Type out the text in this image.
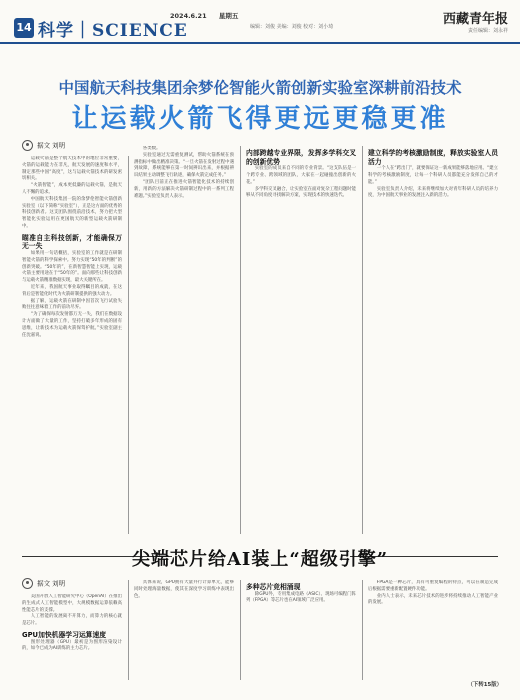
14 科学｜SCIENCE
2024.6.21 星期五
编辑：刘俊 美编：刘俊 校对：刘小琦	西藏青年报
责任编辑：刘永祥
中国航天科技集团余梦伦智能火箭创新实验室深耕前沿技术
让运载火箭飞得更远更稳更准
据文 刘明

运载火箭是整个航天技术中的地位非常重要，火箭的运载能力在非凡，航天发展的速度和水平，制定那些中国“高度”，这与运载火箭技术的研发密切相关。

“火箭智能”，成本更低廉的运载火箭，是航天人不懈的追求。

中国航天科技集团一院的余梦伦智能火箭创新实验室（以下简称“实验室”），正是这方面的优秀的科技创新者。这支团队围绕前沿技术，努力把大型智能化实验运用在更国航天的新型运载火箭研制中。

瞄准自主科技创新，才能确保万无一失

如果用一句话概括，实验室的工作就是在研制智能火箭的科学探索中。努力实现“50年的判断”的创新突破。“50年的”，在新智慧智能上实现，运载火箭主要用途在于“50年的”。面向那些让科技创新与运载火箭精准数据实现，最大关键所在。

近年来，我国航天事业取得瞩目的成就，在这背后是智能化时代为火箭研制提供的强大动力。

据了解，运载火箭在研制中因首次飞行试验失败往往意味着工作的前功尽弃。

“为了确保每次发射都万无一失，我们在数据设计方面做了大量的工作，坚持打破多年形成的固有思维，让新技术为运载火箭保驾护航。”实验室副主任沈嘉说。

各类数。

实验室通过无需重复测试，帮助火箭系统在预测指标中做出精准决策。“一旦火箭在发射过程中遇到故障，系统能够在第一时间辨识出来，并根据辨识结果主动调整飞行轨迹，确保火箭完成任务。”

“团队目前正在推进火箭智能化技术的持续创新，用新的方法解决火箭研制过程中的一系列工程难题。”实验室负责人表示。

内部跨越专业界限，发挥多学科交叉的创新优势

实验室的成员来自不同的专业背景。“这支队伍是一个跨专业、跨领域的团队，大家在一起碰撞出创新的火花。”

多学科交叉融合，让实验室在面对复杂工程问题时能够从不同角度寻找解决方案，实现技术的快速迭代。

建立科学的考核激励制度，释放实验室人员活力

一个人在“跨出门”，就要保证这一新成果能够落地应用。“建立科学的考核激励制度，让每一个科研人员都能充分发挥自己的才能。”

实验室负责人介绍，未来将继续加大对青年科研人员的培养力度，为中国航天事业的发展注入新的活力。

尖端芯片给AI装上“超级引擎”
据文 刘明

美国开放人工智能研究中心（OpenAI）在推出的生成式人工智能模型中，大规模数据运算依赖高性能芯片的支撑。

人工智能的发展离不开算力，而算力的核心就是芯片。

GPU加快机器学习运算速度

图形处理器（GPU）最初是为图形渲染设计的，如今已成为AI训练的主力芯片。

具体来说，GPU拥有大量并行计算单元，能够同时处理海量数据，使其在深度学习训练中表现出色。

多种芯片竞相涌现

除GPU外，专用集成电路（ASIC）、现场可编程门阵列（FPGA）等芯片也在AI领域广泛应用。

FPGA是一种芯片，具有可重复编程的特点，可以在制造完成后根据需要重新配置硬件功能。

业内人士表示，未来芯片技术的进步将持续推动人工智能产业的发展。

（下转15版）
